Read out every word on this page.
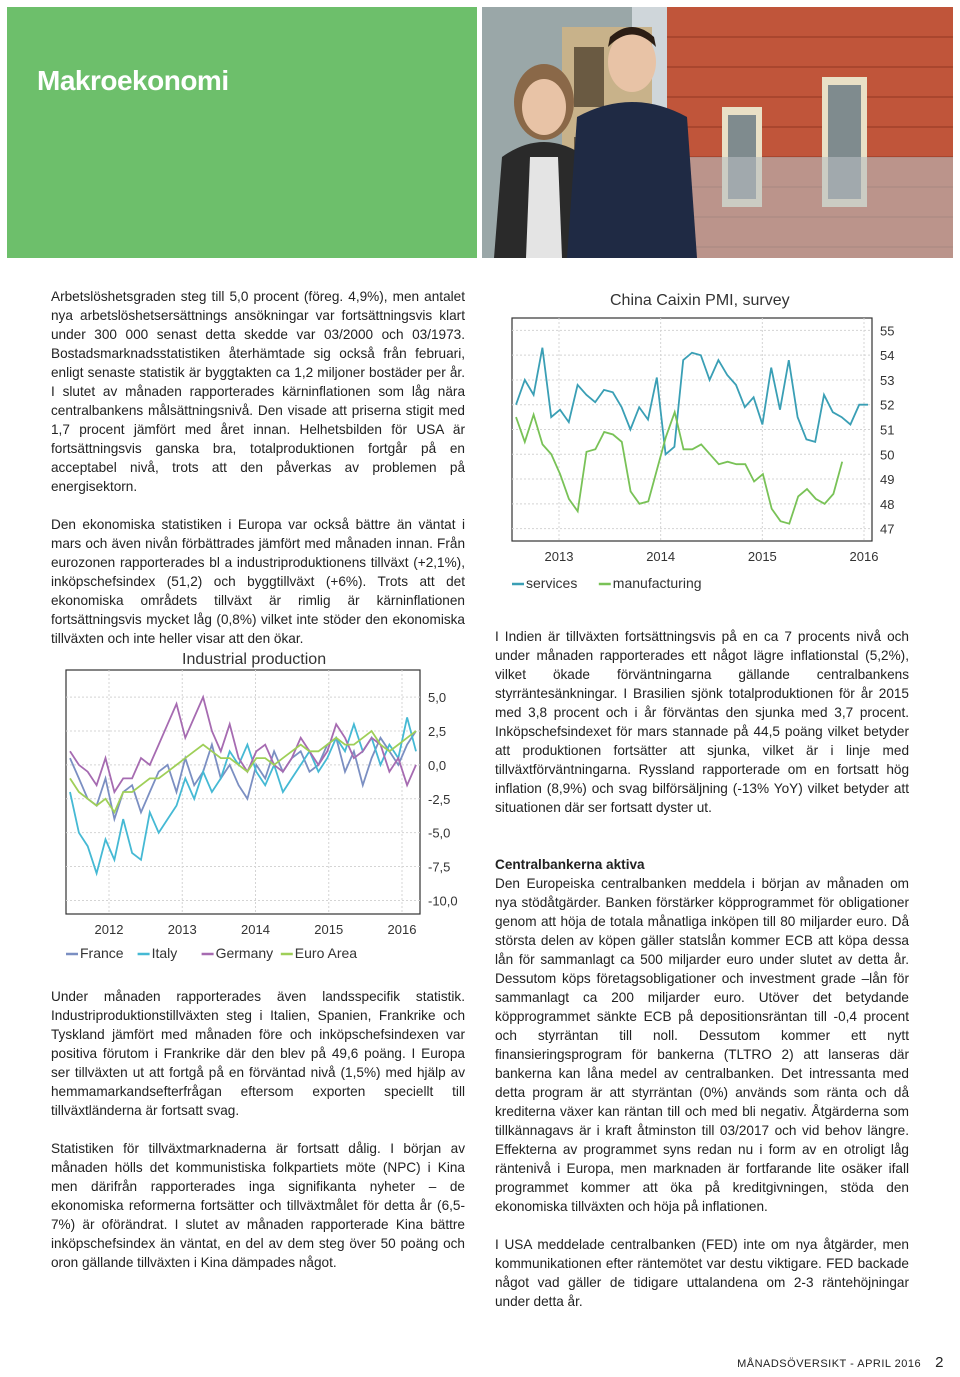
Makroekonomi

Arbetslöshetsgraden steg till 5,0 procent (föreg. 4,9%), men antalet nya arbetslöshetsersättnings ansökningar var fortsättningsvis klart under 300 000 senast detta skedde var 03/2000 och 03/1973. Bostadsmarknadsstatistiken återhämtade sig också från februari, enligt senaste statistik är byggtakten ca 1,2 miljoner bostäder per år. I slutet av månaden rapporterades kärninflationen som låg nära centralbankens målsättningsnivå. Den visade att priserna stigit med 1,7 procent jämfört med året innan. Helhetsbilden för USA är fortsättningsvis ganska bra, totalproduktionen fortgår på en acceptabel nivå, trots att den påverkas av problemen på energisektorn.

Den ekonomiska statistiken i Europa var också bättre än väntat i mars och även nivån förbättrades jämfört med månaden innan. Från eurozonen rapporterades bl a industriproduktionens tillväxt (+2,1%), inköpschefsindex (51,2) och byggtillväxt (+6%). Trots att det ekonomiska områdets tillväxt är rimlig är kärninflationen fortsättningsvis mycket låg (0,8%) vilket inte stöder den ekonomiska tillväxten och inte heller visar att den ökar.

Industrial production
5,0
2,5
0,0
-2,5
-5,0
-7,5
-10,0
2012	2013	2014	2015	2016
France Italy	Germany Euro Area

Under månaden rapporterades även landsspecifik statistik. Industriproduktionstillväxten steg i Italien, Spanien, Frankrike och Tyskland jämfört med månaden före och inköpschefsindexen var positiva förutom i Frankrike där den blev på 49,6 poäng. I Europa ser tillväxten ut att fortgå på en förväntad nivå (1,5%) med hjälp av hemmamarkandsefterfrågan eftersom exporten speciellt till tillväxtländerna är fortsatt svag.

Statistiken för tillväxtmarknaderna är fortsatt dålig. I början av månaden hölls det kommunistiska folkpartiets möte (NPC) i Kina men därifrån rapporterades inga signifikanta nyheter – de ekonomiska reformerna fortsätter och tillväxtmålet för detta år (6,5-7%) är oförändrat. I slutet av månaden rapporterade Kina bättre inköpschefsindex än väntat, en del av dem steg över 50 poäng och oron gällande tillväxten i Kina dämpades något.

China Caixin PMI, survey
55
54
53
52
51
50
49
48
47
2013	2014	2015	2016
services	manufacturing

I Indien är tillväxten fortsättningsvis på en ca 7 procents nivå och under månaden rapporterades ett något lägre inflationstal (5,2%), vilket ökade förväntningarna gällande centralbankens styrräntesänkningar. I Brasilien sjönk totalproduktionen för år 2015 med 3,8 procent och i år förväntas den sjunka med 3,7 procent. Inköpschefsindexet för mars stannade på 44,5 poäng vilket betyder att produktionen fortsätter att sjunka, vilket är i linje med tillväxtförväntningarna. Ryssland rapporterade om en fortsatt hög inflation (8,9%) och svag bilförsäljning (-13% YoY) vilket betyder att situationen där ser fortsatt dyster ut.

Centralbankerna aktiva

Den Europeiska centralbanken meddela i början av månaden om nya stödåtgärder. Banken förstärker köpprogrammet för obligationer genom att höja de totala månatliga inköpen till 80 miljarder euro. Då största delen av köpen gäller statslån kommer ECB att köpa dessa lån för sammanlagt ca 500 miljarder euro under slutet av detta år. Dessutom köps företagsobligationer och investment grade –lån för sammanlagt ca 200 miljarder euro. Utöver det betydande köpprogrammet sänkte ECB på depositionsräntan till -0,4 procent och styrräntan till noll. Dessutom kommer ett nytt finansieringsprogram för bankerna (TLTRO 2) att lanseras där bankerna kan låna medel av centralbanken. Det intressanta med detta program är att styrräntan (0%) används som ränta och då krediterna växer kan räntan till och med bli negativ. Åtgärderna som tillkännagavs är i kraft åtminston till 03/2017 och vid behov längre. Effekterna av programmet syns redan nu i form av en otroligt låg räntenivå i Europa, men marknaden är fortfarande lite osäker ifall programmet kommer att öka på kreditgivningen, stöda den ekonomiska tillväxten och höja på inflationen.

I USA meddelade centralbanken (FED) inte om nya åtgärder, men kommunikationen efter räntemötet var destu viktigare. FED backade något vad gäller de tidigare uttalandena om 2-3 räntehöjningar under detta år.

MÅNADSÖVERSIKT - APRIL 2016 2
